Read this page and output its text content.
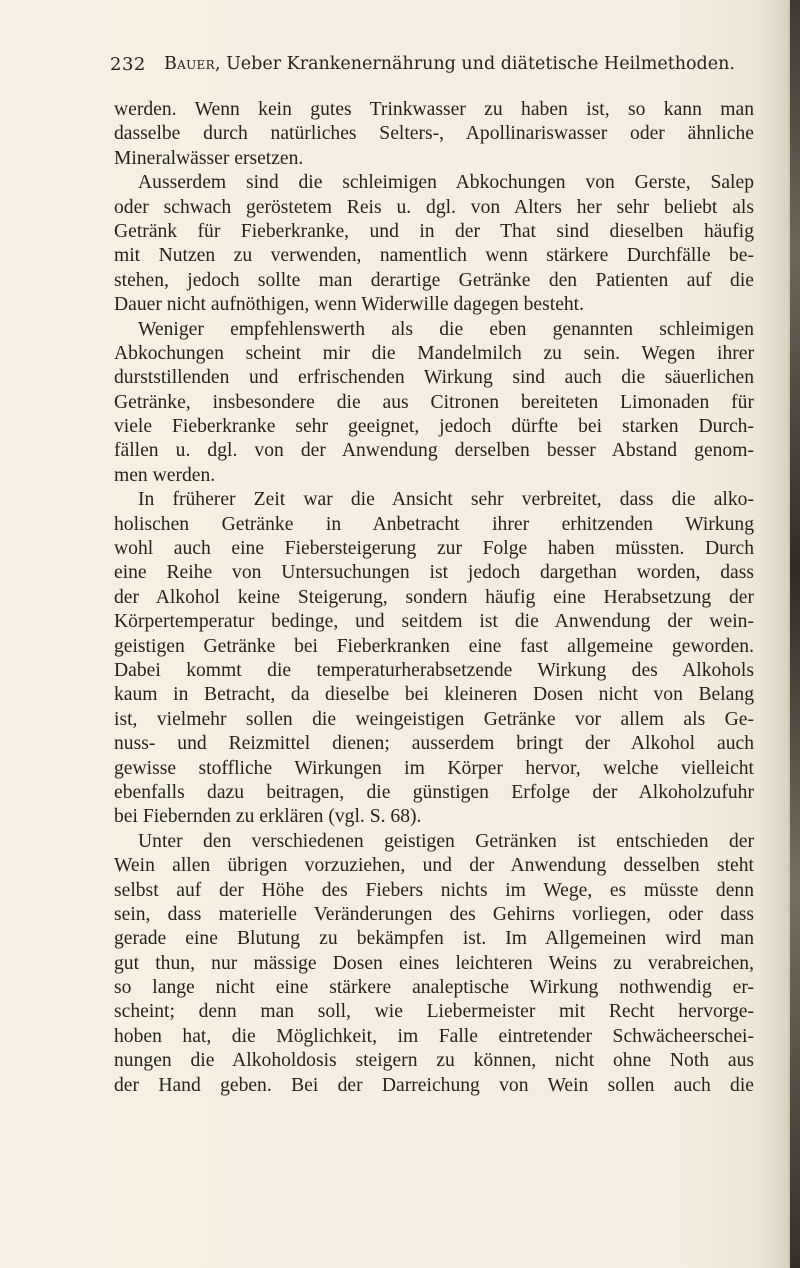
232 Bauer, Ueber Krankenernährung und diätetische Heilmethoden.
werden. Wenn kein gutes Trinkwasser zu haben ist, so kann man
dasselbe durch natürliches Selters-, Apollinariswasser oder ähnliche
Mineralwässer ersetzen.
Ausserdem sind die schleimigen Abkochungen von Gerste, Salep
oder schwach geröstetem Reis u. dgl. von Alters her sehr beliebt als
Getränk für Fieberkranke, und in der That sind dieselben häufig
mit Nutzen zu verwenden, namentlich wenn stärkere Durchfälle be-
stehen, jedoch sollte man derartige Getränke den Patienten auf die
Dauer nicht aufnöthigen, wenn Widerwille dagegen besteht.
Weniger empfehlenswerth als die eben genannten schleimigen
Abkochungen scheint mir die Mandelmilch zu sein. Wegen ihrer
durststillenden und erfrischenden Wirkung sind auch die säuerlichen
Getränke, insbesondere die aus Citronen bereiteten Limonaden für
viele Fieberkranke sehr geeignet, jedoch dürfte bei starken Durch-
fällen u. dgl. von der Anwendung derselben besser Abstand genom-
men werden.
In früherer Zeit war die Ansicht sehr verbreitet, dass die alko-
holischen Getränke in Anbetracht ihrer erhitzenden Wirkung
wohl auch eine Fiebersteigerung zur Folge haben müssten. Durch
eine Reihe von Untersuchungen ist jedoch dargethan worden, dass
der Alkohol keine Steigerung, sondern häufig eine Herabsetzung der
Körpertemperatur bedinge, und seitdem ist die Anwendung der wein-
geistigen Getränke bei Fieberkranken eine fast allgemeine geworden.
Dabei kommt die temperaturherabsetzende Wirkung des Alkohols
kaum in Betracht, da dieselbe bei kleineren Dosen nicht von Belang
ist, vielmehr sollen die weingeistigen Getränke vor allem als Ge-
nuss- und Reizmittel dienen; ausserdem bringt der Alkohol auch
gewisse stoffliche Wirkungen im Körper hervor, welche vielleicht
ebenfalls dazu beitragen, die günstigen Erfolge der Alkoholzufuhr
bei Fiebernden zu erklären (vgl. S. 68).
Unter den verschiedenen geistigen Getränken ist entschieden der
Wein allen übrigen vorzuziehen, und der Anwendung desselben steht
selbst auf der Höhe des Fiebers nichts im Wege, es müsste denn
sein, dass materielle Veränderungen des Gehirns vorliegen, oder dass
gerade eine Blutung zu bekämpfen ist. Im Allgemeinen wird man
gut thun, nur mässige Dosen eines leichteren Weins zu verabreichen,
so lange nicht eine stärkere analeptische Wirkung nothwendig er-
scheint; denn man soll, wie Liebermeister mit Recht hervorge-
hoben hat, die Möglichkeit, im Falle eintretender Schwächeerschei-
nungen die Alkoholdosis steigern zu können, nicht ohne Noth aus
der Hand geben. Bei der Darreichung von Wein sollen auch die
